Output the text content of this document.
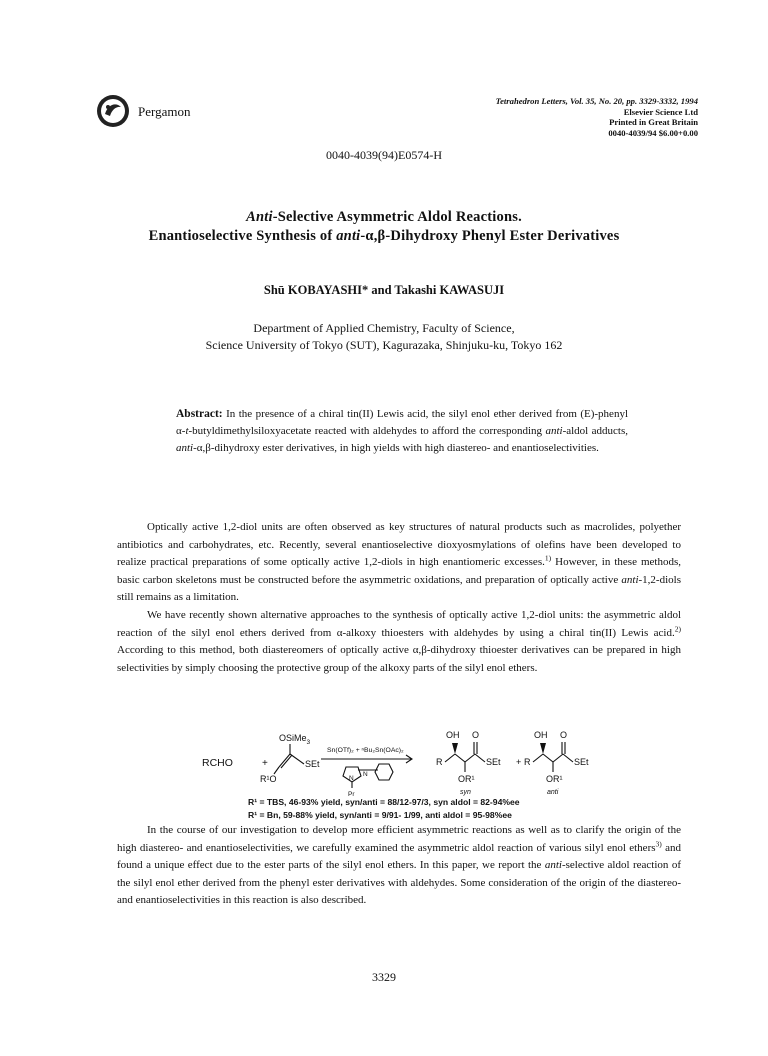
Pergamon
Tetrahedron Letters, Vol. 35, No. 20, pp. 3329-3332, 1994
Elsevier Science Ltd
Printed in Great Britain
0040-4039/94 $6.00+0.00
0040-4039(94)E0574-H
Anti-Selective Asymmetric Aldol Reactions.
Enantioselective Synthesis of anti-α,β-Dihydroxy Phenyl Ester Derivatives
Shū KOBAYASHI* and Takashi KAWASUJI
Department of Applied Chemistry, Faculty of Science,
Science University of Tokyo (SUT), Kagurazaka, Shinjuku-ku, Tokyo 162
Abstract: In the presence of a chiral tin(II) Lewis acid, the silyl enol ether derived from (E)-phenyl α-t-butyldimethylsiloxyacetate reacted with aldehydes to afford the corresponding anti-aldol adducts, anti-α,β-dihydroxy ester derivatives, in high yields with high diastereo- and enantioselectivities.

Optically active 1,2-diol units are often observed as key structures of natural products such as macrolides, polyether antibiotics and carbohydrates, etc. Recently, several enantioselective dioxyosmylations of olefins have been developed to realize practical preparations of some optically active 1,2-diols in high enantiomeric excesses.$^{1)}$ However, in these methods, basic carbon skeletons must be constructed before the asymmetric oxidations, and preparation of optically active anti-1,2-diols still remains as a limitation.

We have recently shown alternative approaches to the synthesis of optically active 1,2-diol units: the asymmetric aldol reaction of the silyl enol ethers derived from α-alkoxy thioesters with aldehydes by using a chiral tin(II) Lewis acid.$^{2)}$ According to this method, both diastereomers of optically active α,β-dihydroxy thioester derivatives can be prepared in high selectivities by simply choosing the protective group of the alkoxy parts of the silyl enol ethers.

RCHO	+
OSiMe$_3$
SEt
R¹O
Sn(OTf)₂ + ⁿBu₂Sn(OAc)₂
N
N
Pr
OH O
R	SEt
OR¹
syn
+
OH O
R	SEt
OR¹
anti
R¹ = TBS, 46-93% yield, syn/anti = 88/12-97/3, syn aldol = 82-94%ee
R¹ = Bn, 59-88% yield, syn/anti = 9/91- 1/99, anti aldol = 95-98%ee

In the course of our investigation to develop more efficient asymmetric reactions as well as to clarify the origin of the high diastereo- and enantioselectivities, we carefully examined the asymmetric aldol reaction of various silyl enol ethers$^{3)}$ and found a unique effect due to the ester parts of the silyl enol ethers. In this paper, we report the anti-selective aldol reaction of the silyl enol ether derived from the phenyl ester derivatives with aldehydes. Some consideration of the origin of the diastereo- and enantioselectivities in this reaction is also described.

3329
